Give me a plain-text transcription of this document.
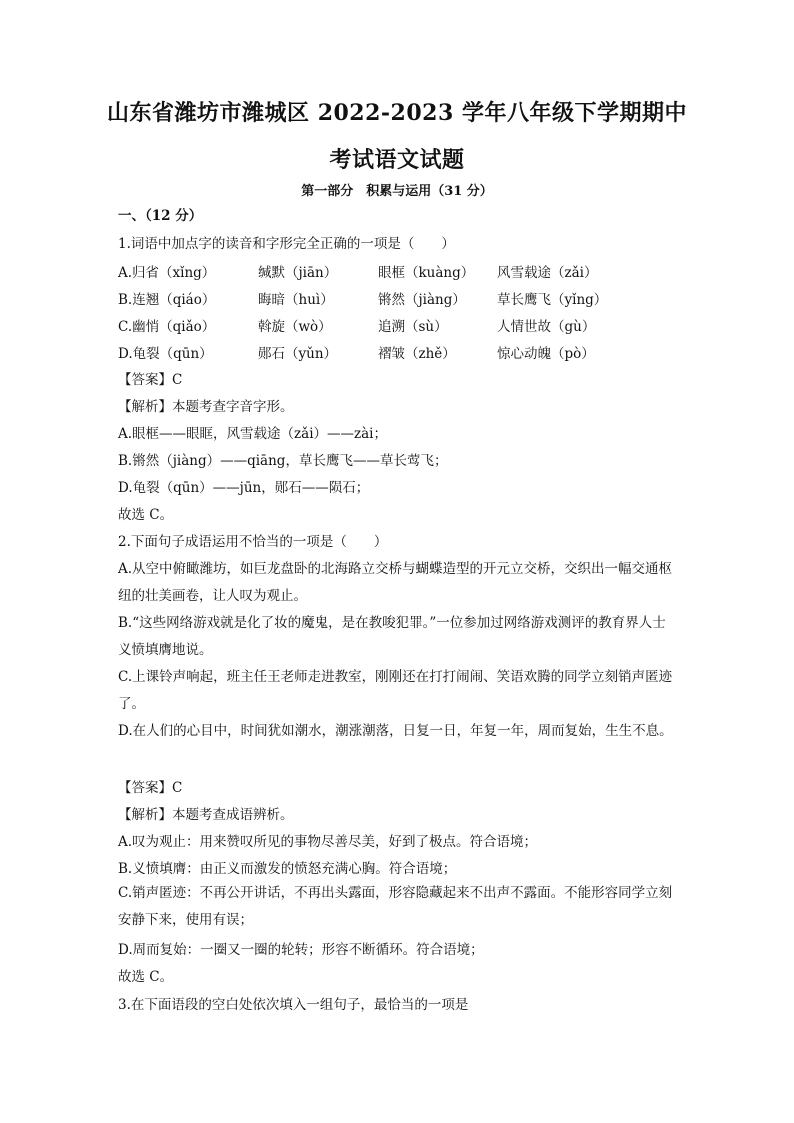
山东省潍坊市潍城区 2022-2023 学年八年级下学期期中
考试语文试题
第一部分　积累与运用（31 分）
一、（12 分）
1.词语中加点字的读音和字形完全正确的一项是（　　）
A.归省（xǐng）	缄默（jiān）	眼框（kuàng） 风雪载途（zǎi）
B.连翘（qiáo）	晦暗（huì）	锵然（jiàng） 草长鹰飞（yǐng）
C.幽悄（qiǎo）	斡旋（wò）	追溯（sù）	人情世故（gù）
D.龟裂（qūn）	郧石（yǔn）	褶皱（zhě）	惊心动魄（pò）
【答案】C
【解析】本题考查字音字形。
A.眼框——眼眶，风雪载途（zǎi）——zài；
B.锵然（jiàng）——qiāng，草长鹰飞——草长莺飞；
D.龟裂（qūn）——jūn，郧石——陨石；
故选 C。
2.下面句子成语运用不恰当的一项是（　　）
A.从空中俯瞰潍坊，如巨龙盘卧的北海路立交桥与蝴蝶造型的开元立交桥，交织出一幅交通枢纽的壮美画卷，让人叹为观止。
B.“这些网络游戏就是化了妆的魔鬼，是在教唆犯罪。”一位参加过网络游戏测评的教育界人士义愤填膺地说。
C.上课铃声响起，班主任王老师走进教室，刚刚还在打打闹闹、笑语欢腾的同学立刻销声匿迹了。
D.在人们的心目中，时间犹如潮水，潮涨潮落，日复一日，年复一年，周而复始，生生不息。
【答案】C
【解析】本题考查成语辨析。
A.叹为观止：用来赞叹所见的事物尽善尽美，好到了极点。符合语境；
B.义愤填膺：由正义而激发的愤怒充满心胸。符合语境；
C.销声匿迹：不再公开讲话，不再出头露面，形容隐藏起来不出声不露面。不能形容同学立刻安静下来，使用有误；
D.周而复始：一圈又一圈的轮转；形容不断循环。符合语境；
故选 C。
3.在下面语段的空白处依次填入一组句子，最恰当的一项是
